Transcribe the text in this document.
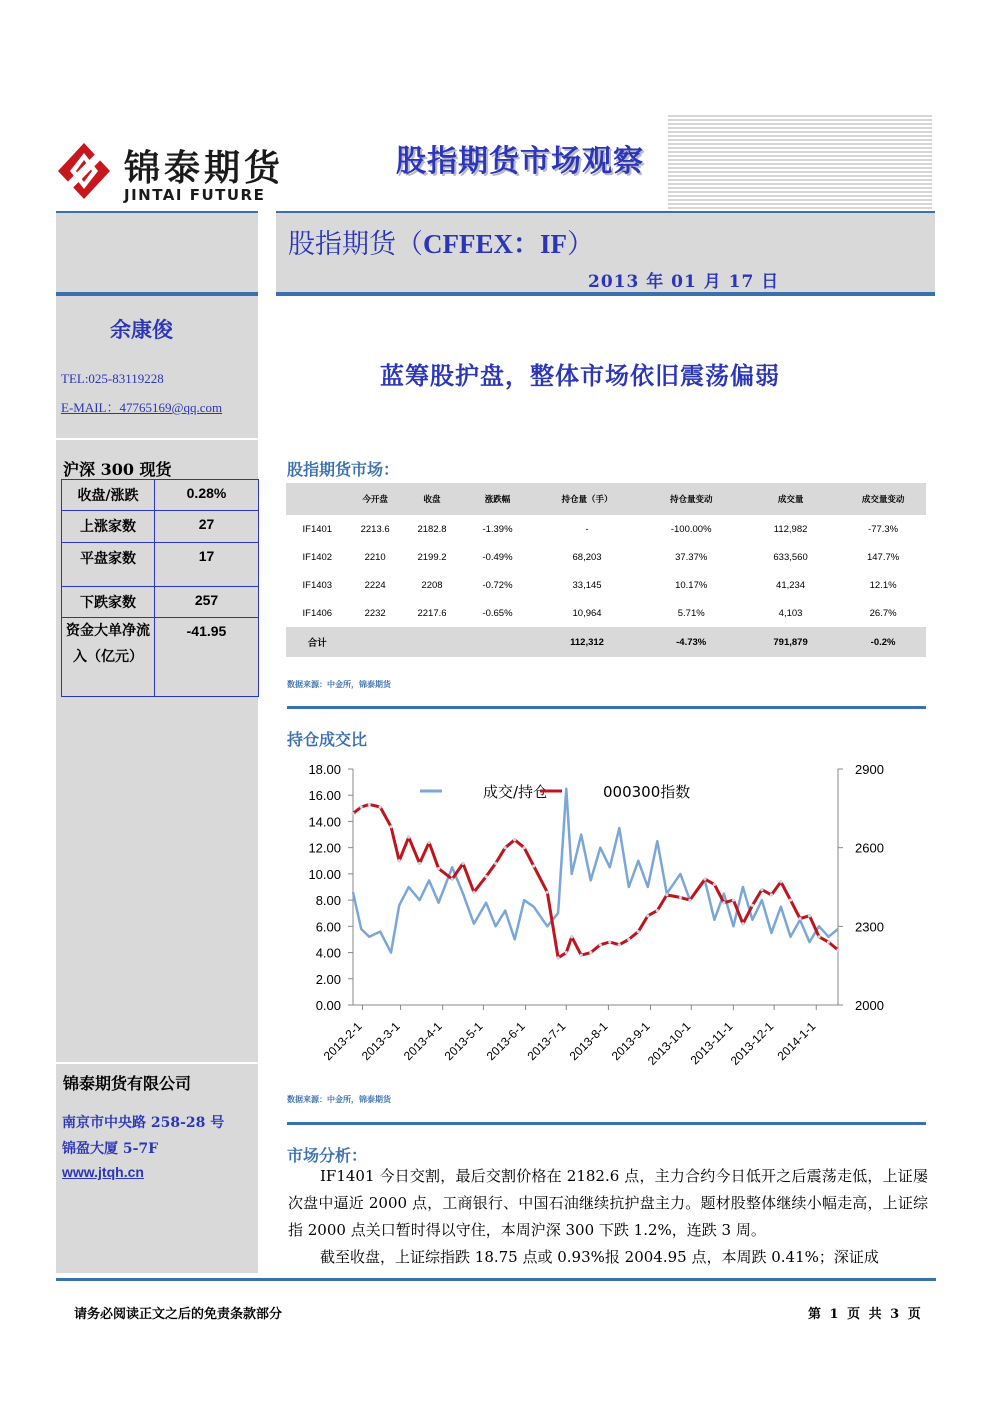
锦泰期货
JINTAI FUTURE
股指期货市场观察
股指期货（CFFEX：IF）
2013 年 01 月 17 日
余康俊
TEL:025-83119228
E-MAIL：47765169@qq.com
沪深 300 现货
收盘/涨跌	0.28%
上涨家数	27
平盘家数	17
下跌家数	257
资金大单净流入（亿元）	-41.95
锦泰期货有限公司
南京市中央路 258-28 号
锦盈大厦 5-7F
www.jtqh.cn
蓝筹股护盘，整体市场依旧震荡偏弱
股指期货市场：
	今开盘	收盘	涨跌幅	持仓量（手）	持仓量变动	成交量	成交量变动
IF1401	2213.6	2182.8	-1.39%	-	-100.00%	112,982	-77.3%
IF1402	2210	2199.2	-0.49%	68,203	37.37%	633,560	147.7%
IF1403	2224	2208	-0.72%	33,145	10.17%	41,234	12.1%
IF1406	2232	2217.6	-0.65%	10,964	5.71%	4,103	26.7%
合计				112,312	-4.73%	791,879	-0.2%
数据来源：中金所，锦泰期货
持仓成交比
0.00
2.00
4.00
6.00
8.00
10.00
12.00
14.00
16.00
18.00
2000
2300
2600
2900
2013-2-1
2013-3-1
2013-4-1
2013-5-1
2013-6-1
2013-7-1
2013-8-1
2013-9-1
2013-10-1
2013-11-1
2013-12-1
2014-1-1
成交/持仓	000300指数
数据来源：中金所，锦泰期货
市场分析：

IF1401 今日交割，最后交割价格在 2182.6 点，主力合约今日低开之后震荡走低，上证屡次盘中逼近 2000 点，工商银行、中国石油继续抗护盘主力。题材股整体继续小幅走高，上证综指 2000 点关口暂时得以守住，本周沪深 300 下跌 1.2%，连跌 3 周。

截至收盘，上证综指跌 18.75 点或 0.93%报 2004.95 点，本周跌 0.41%；深证成

请务必阅读正文之后的免责条款部分	第 1 页 共 3 页
